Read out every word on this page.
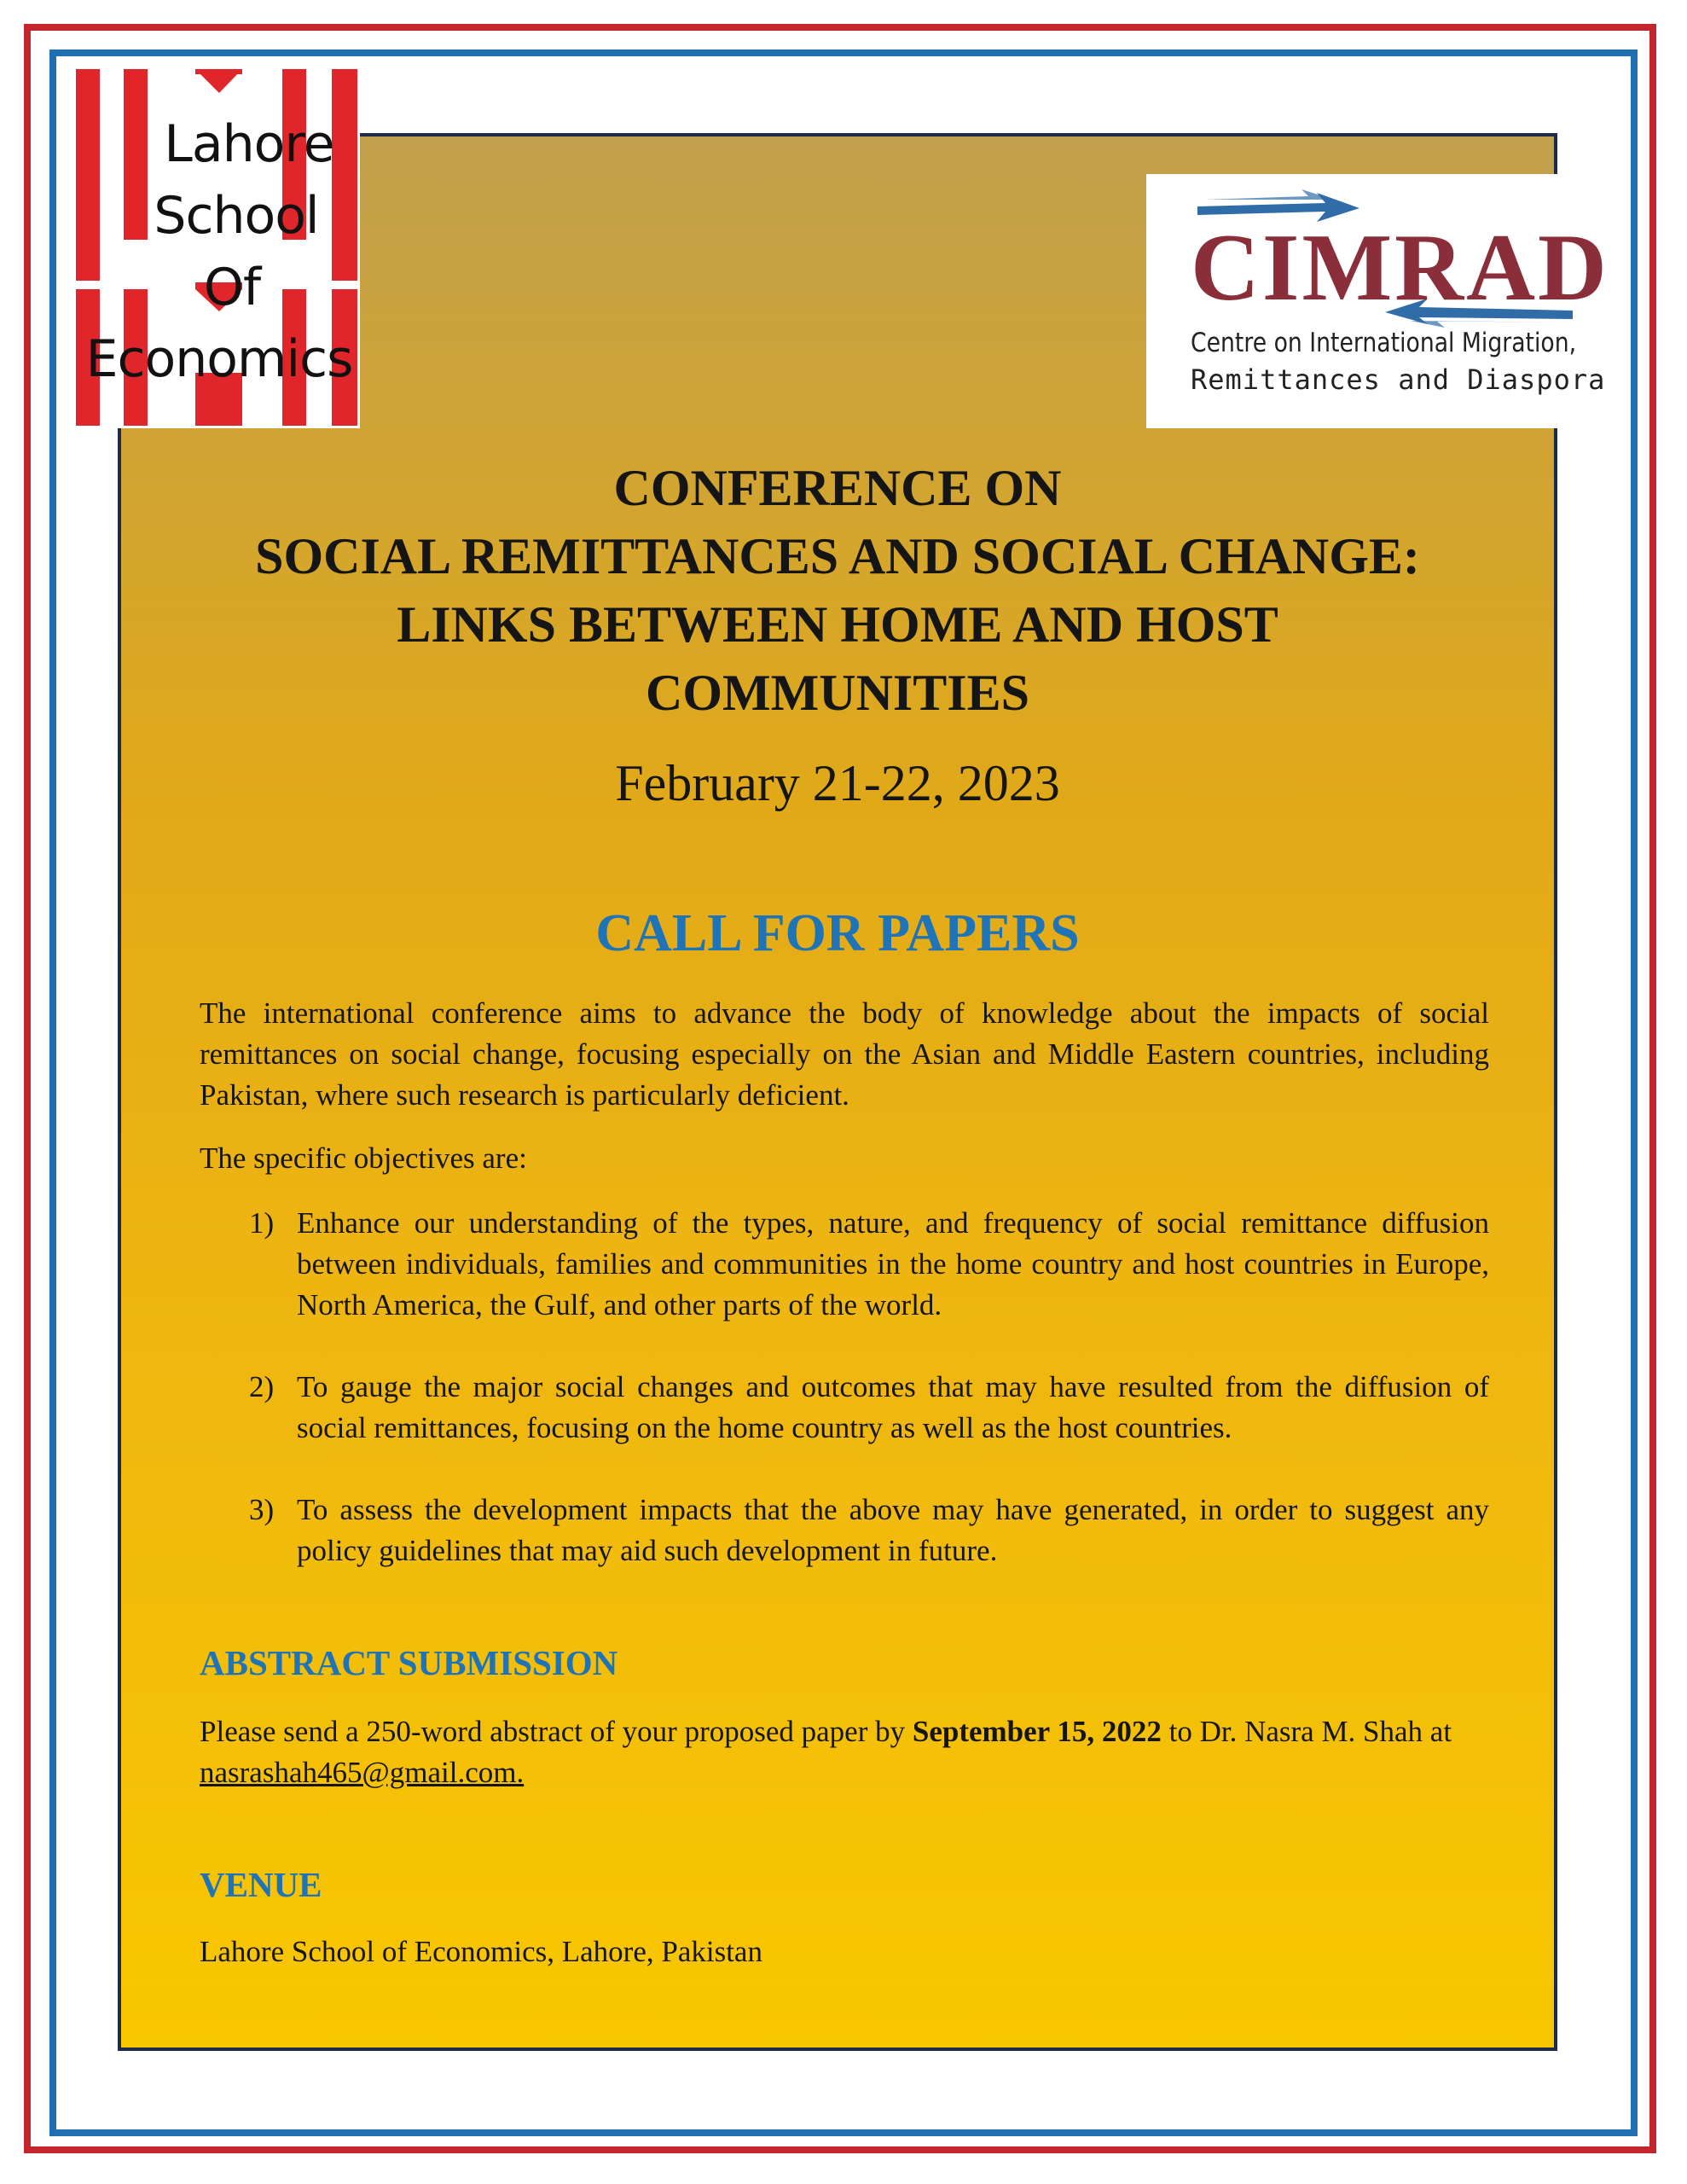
Lahore
School
Of
Economics
CIMRAD
Centre on International Migration,
Remittances and Diaspora
CONFERENCE ON
SOCIAL REMITTANCES AND SOCIAL CHANGE:
LINKS BETWEEN HOME AND HOST
COMMUNITIES
February 21-22, 2023
CALL FOR PAPERS
The international conference aims to advance the body of knowledge about the impacts of social remittances on social change, focusing especially on the Asian and Middle Eastern countries, including Pakistan, where such research is particularly deficient.
The specific objectives are:
1) Enhance our understanding of the types, nature, and frequency of social remittance diffusion between individuals, families and communities in the home country and host countries in Europe, North America, the Gulf, and other parts of the world.
2) To gauge the major social changes and outcomes that may have resulted from the diffusion of social remittances, focusing on the home country as well as the host countries.
3) To assess the development impacts that the above may have generated, in order to suggest any policy guidelines that may aid such development in future.
ABSTRACT SUBMISSION
Please send a 250-word abstract of your proposed paper by September 15, 2022 to Dr. Nasra M. Shah at nasrashah465@gmail.com.
VENUE
Lahore School of Economics, Lahore, Pakistan
